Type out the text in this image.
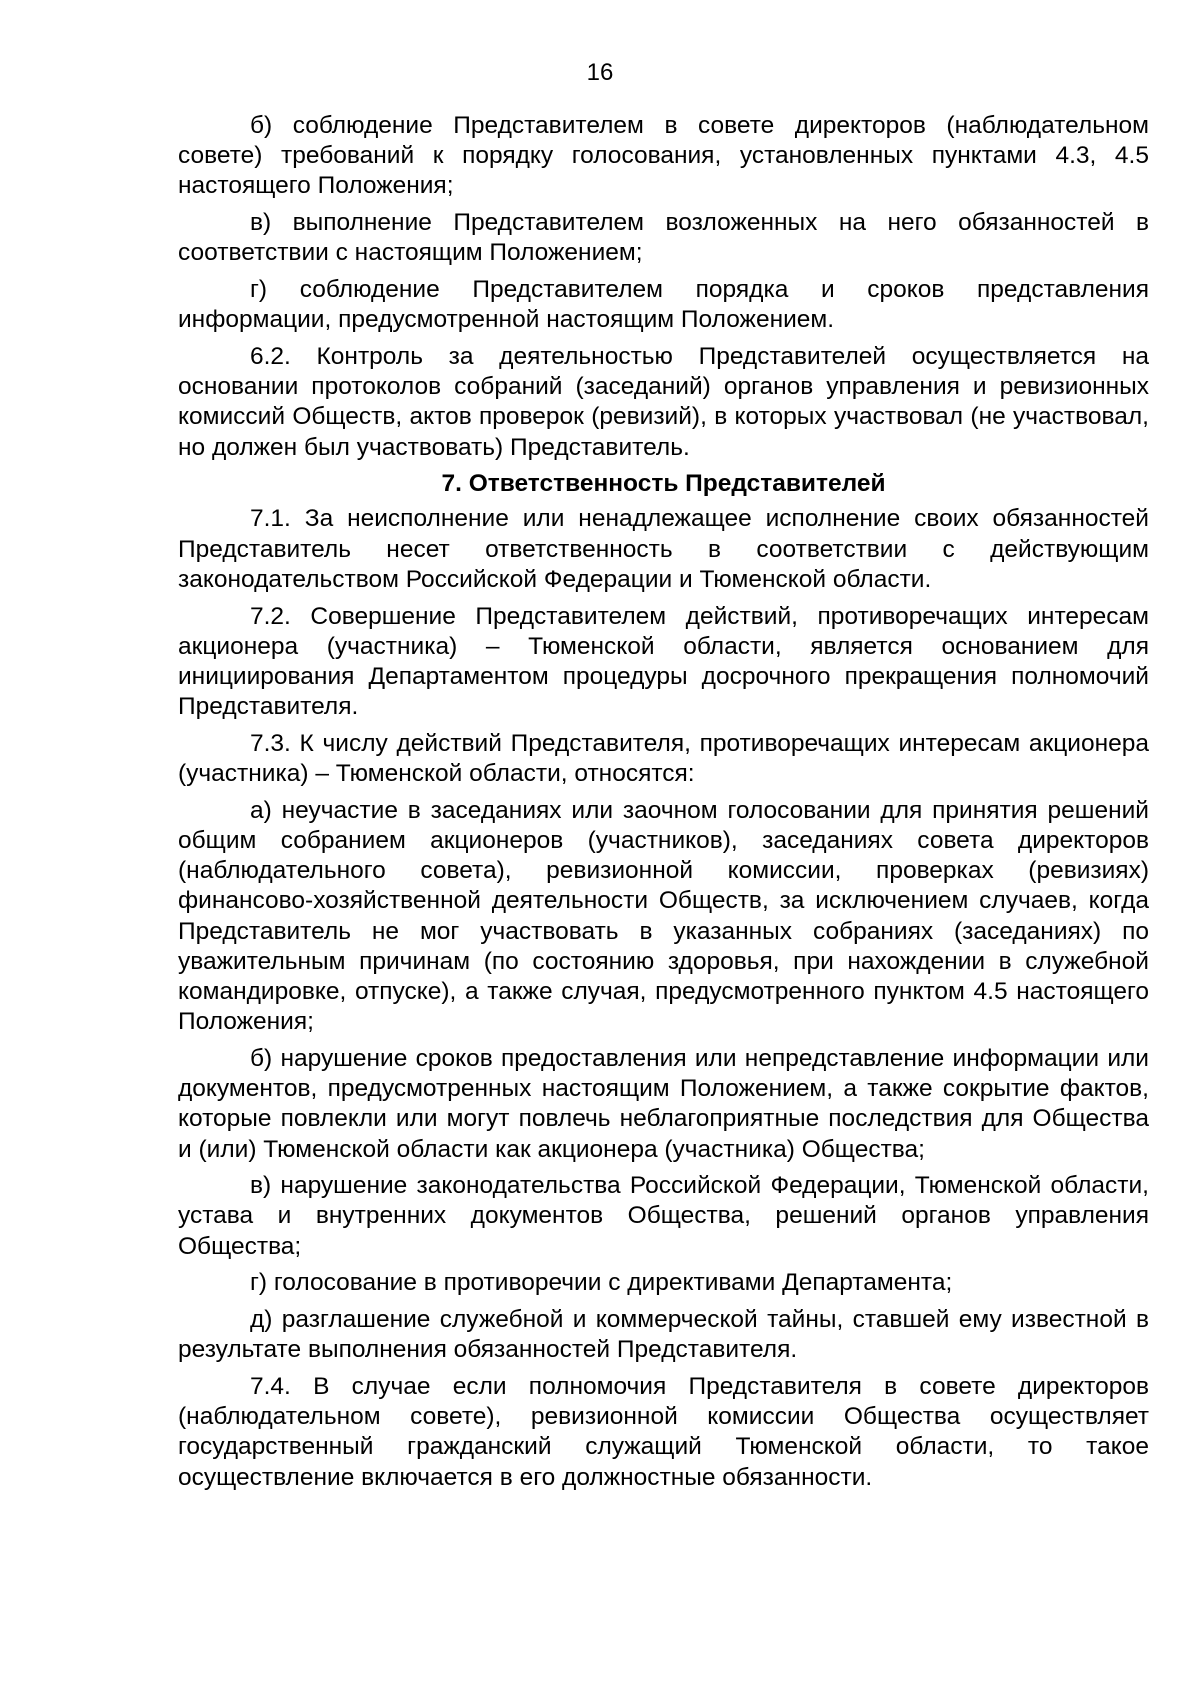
16

б) соблюдение Представителем в совете директоров (наблюдательном совете) требований к порядку голосования, установленных пунктами 4.3, 4.5 настоящего Положения;

в) выполнение Представителем возложенных на него обязанностей в соответствии с настоящим Положением;

г) соблюдение Представителем порядка и сроков представления информации, предусмотренной настоящим Положением.

6.2. Контроль за деятельностью Представителей осуществляется на основании протоколов собраний (заседаний) органов управления и ревизионных комиссий Обществ, актов проверок (ревизий), в которых участвовал (не участвовал, но должен был участвовать) Представитель.

7. Ответственность Представителей

7.1. За неисполнение или ненадлежащее исполнение своих обязанностей Представитель несет ответственность в соответствии с действующим законодательством Российской Федерации и Тюменской области.

7.2. Совершение Представителем действий, противоречащих интересам акционера (участника) – Тюменской области, является основанием для инициирования Департаментом процедуры досрочного прекращения полномочий Представителя.

7.3. К числу действий Представителя, противоречащих интересам акционера (участника) – Тюменской области, относятся:

а) неучастие в заседаниях или заочном голосовании для принятия решений общим собранием акционеров (участников), заседаниях совета директоров (наблюдательного совета), ревизионной комиссии, проверках (ревизиях) финансово-хозяйственной деятельности Обществ, за исключением случаев, когда Представитель не мог участвовать в указанных собраниях (заседаниях) по уважительным причинам (по состоянию здоровья, при нахождении в служебной командировке, отпуске), а также случая, предусмотренного пунктом 4.5 настоящего Положения;

б) нарушение сроков предоставления или непредставление информации или документов, предусмотренных настоящим Положением, а также сокрытие фактов, которые повлекли или могут повлечь неблагоприятные последствия для Общества и (или) Тюменской области как акционера (участника) Общества;

в) нарушение законодательства Российской Федерации, Тюменской области, устава и внутренних документов Общества, решений органов управления Общества;

г) голосование в противоречии с директивами Департамента;

д) разглашение служебной и коммерческой тайны, ставшей ему известной в результате выполнения обязанностей Представителя.

7.4. В случае если полномочия Представителя в совете директоров (наблюдательном совете), ревизионной комиссии Общества осуществляет государственный гражданский служащий Тюменской области, то такое осуществление включается в его должностные обязанности.
